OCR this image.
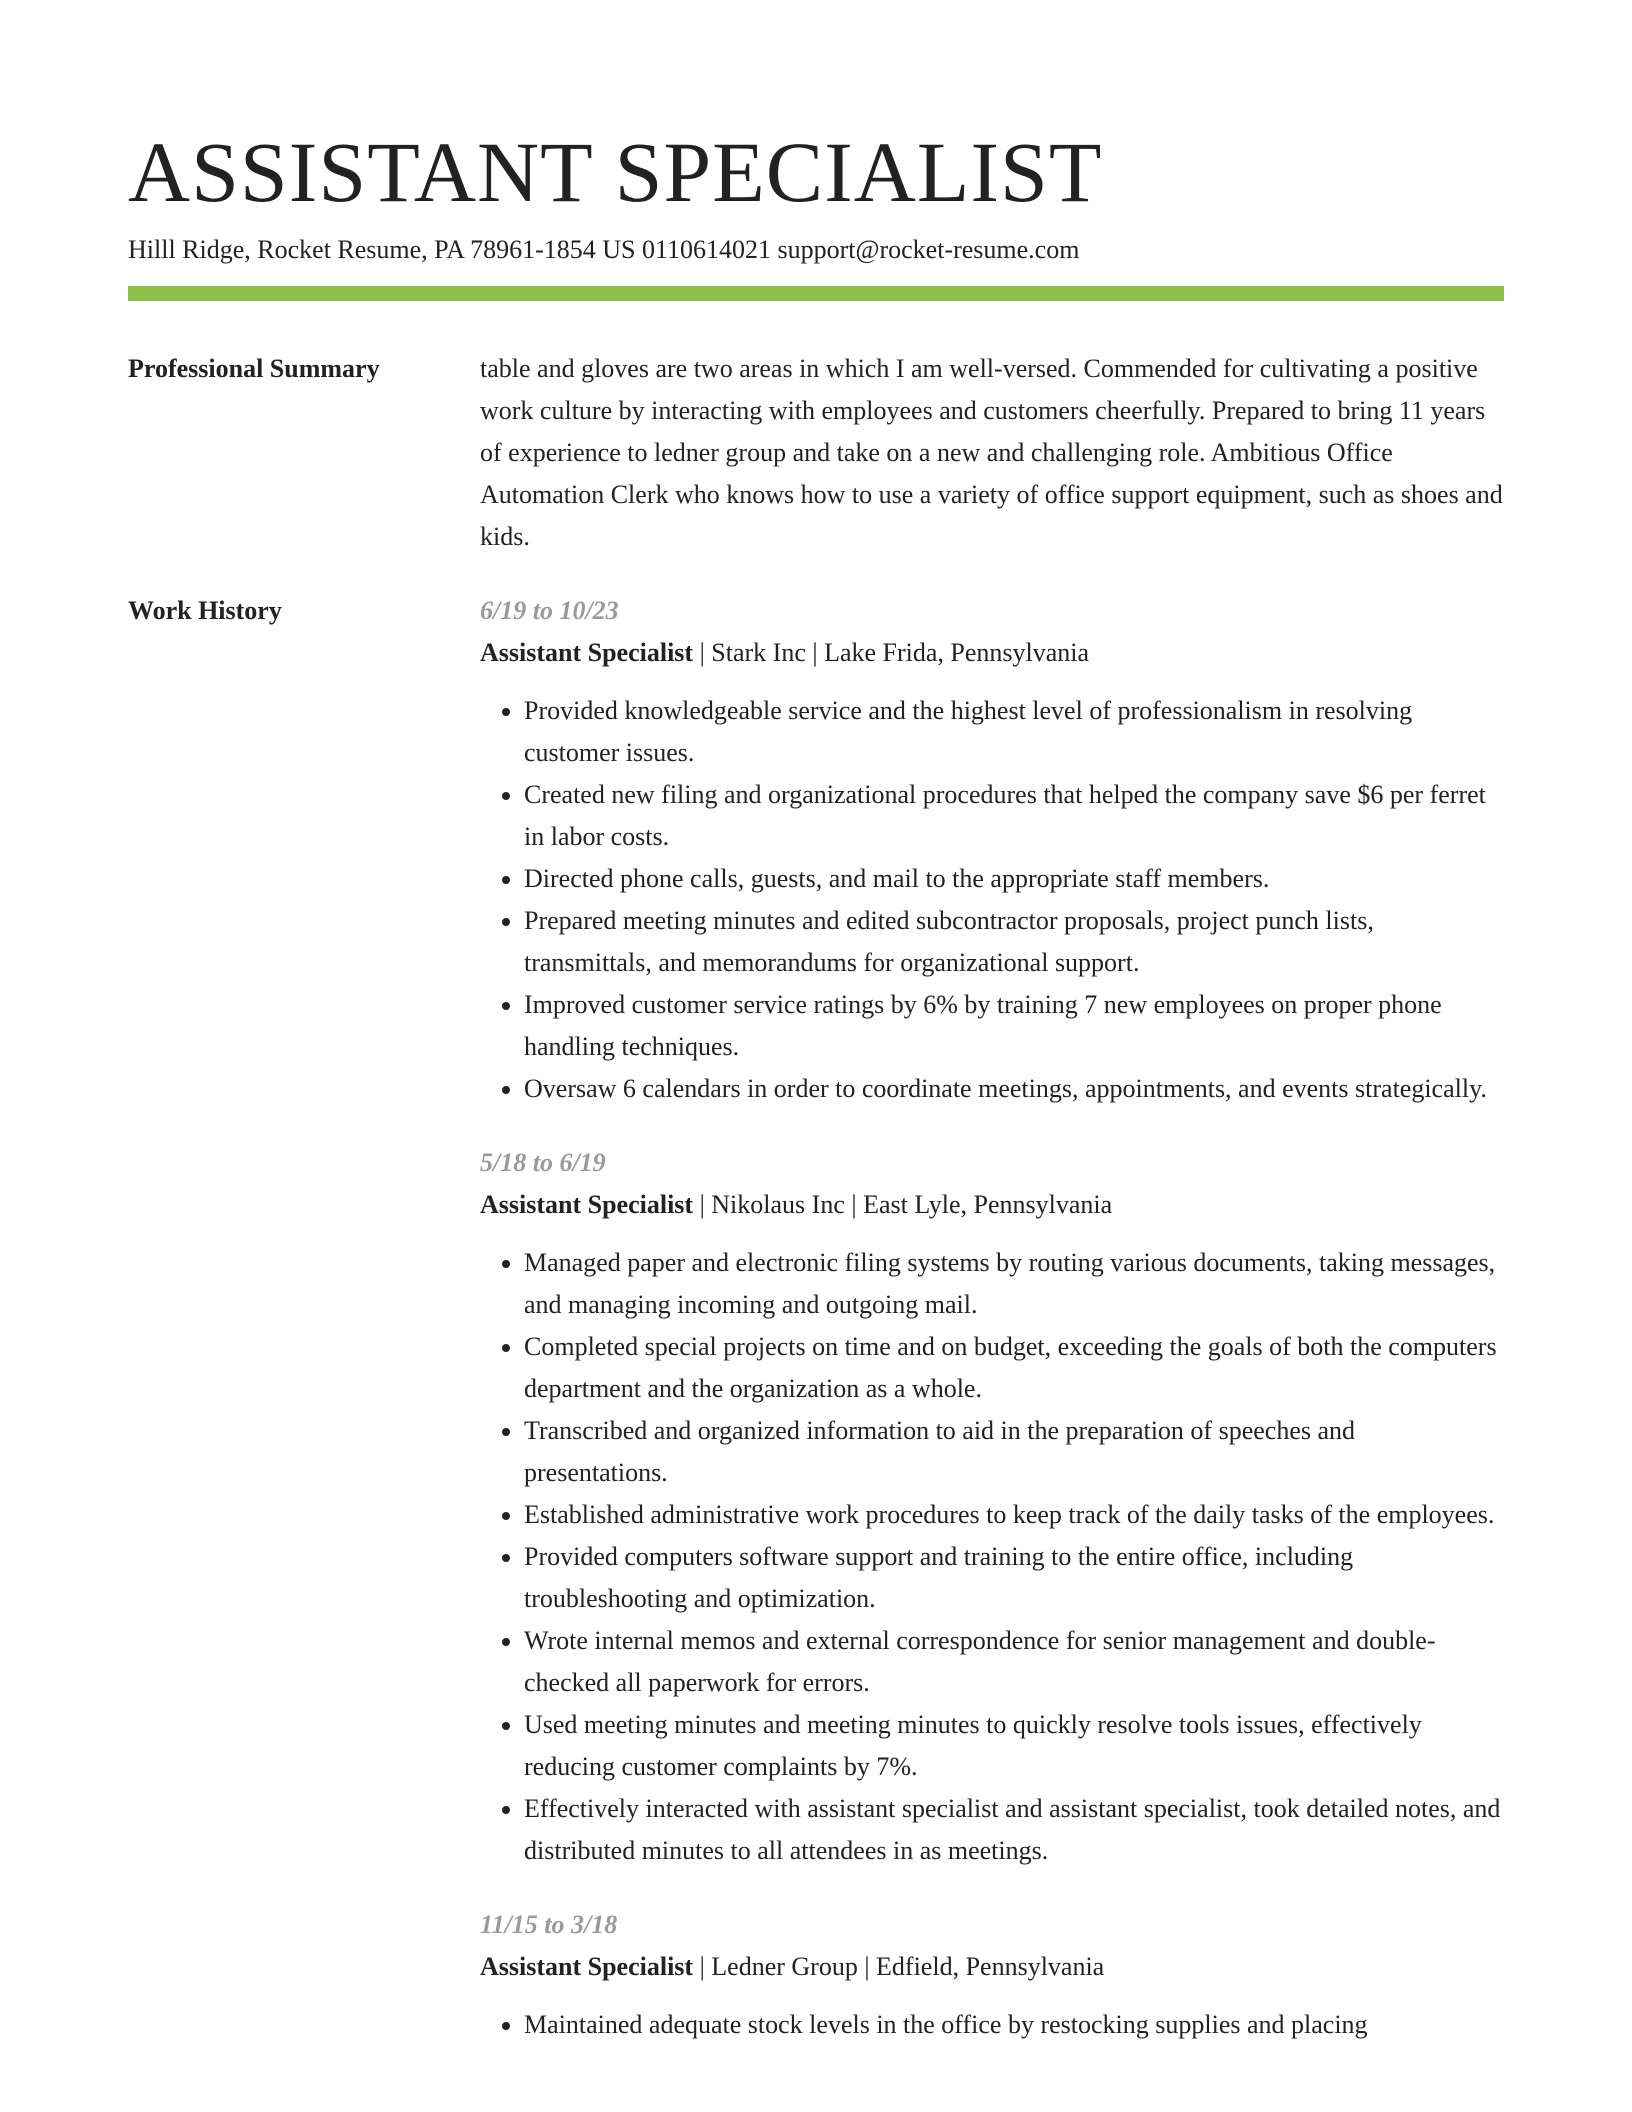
ASSISTANT SPECIALIST
Hilll Ridge, Rocket Resume, PA 78961-1854 US 0110614021 support@rocket-resume.com
Professional Summary	table and gloves are two areas in which I am well-versed. Commended for cultivating a positive work culture by interacting with employees and customers cheerfully. Prepared to bring 11 years of experience to ledner group and take on a new and challenging role. Ambitious Office Automation Clerk who knows how to use a variety of office support equipment, such as shoes and kids.

Work History	6/19 to 10/23

Assistant Specialist | Stark Inc | Lake Frida, Pennsylvania

• Provided knowledgeable service and the highest level of professionalism in resolving customer issues.
• Created new filing and organizational procedures that helped the company save $6 per ferret in labor costs.
• Directed phone calls, guests, and mail to the appropriate staff members.
• Prepared meeting minutes and edited subcontractor proposals, project punch lists, transmittals, and memorandums for organizational support.
• Improved customer service ratings by 6% by training 7 new employees on proper phone handling techniques.
• Oversaw 6 calendars in order to coordinate meetings, appointments, and events strategically.

5/18 to 6/19

Assistant Specialist | Nikolaus Inc | East Lyle, Pennsylvania

• Managed paper and electronic filing systems by routing various documents, taking messages, and managing incoming and outgoing mail.
• Completed special projects on time and on budget, exceeding the goals of both the computers department and the organization as a whole.
• Transcribed and organized information to aid in the preparation of speeches and presentations.
• Established administrative work procedures to keep track of the daily tasks of the employees.
• Provided computers software support and training to the entire office, including troubleshooting and optimization.
• Wrote internal memos and external correspondence for senior management and double-checked all paperwork for errors.
• Used meeting minutes and meeting minutes to quickly resolve tools issues, effectively reducing customer complaints by 7%.
• Effectively interacted with assistant specialist and assistant specialist, took detailed notes, and distributed minutes to all attendees in as meetings.

11/15 to 3/18

Assistant Specialist | Ledner Group | Edfield, Pennsylvania

• Maintained adequate stock levels in the office by restocking supplies and placing
